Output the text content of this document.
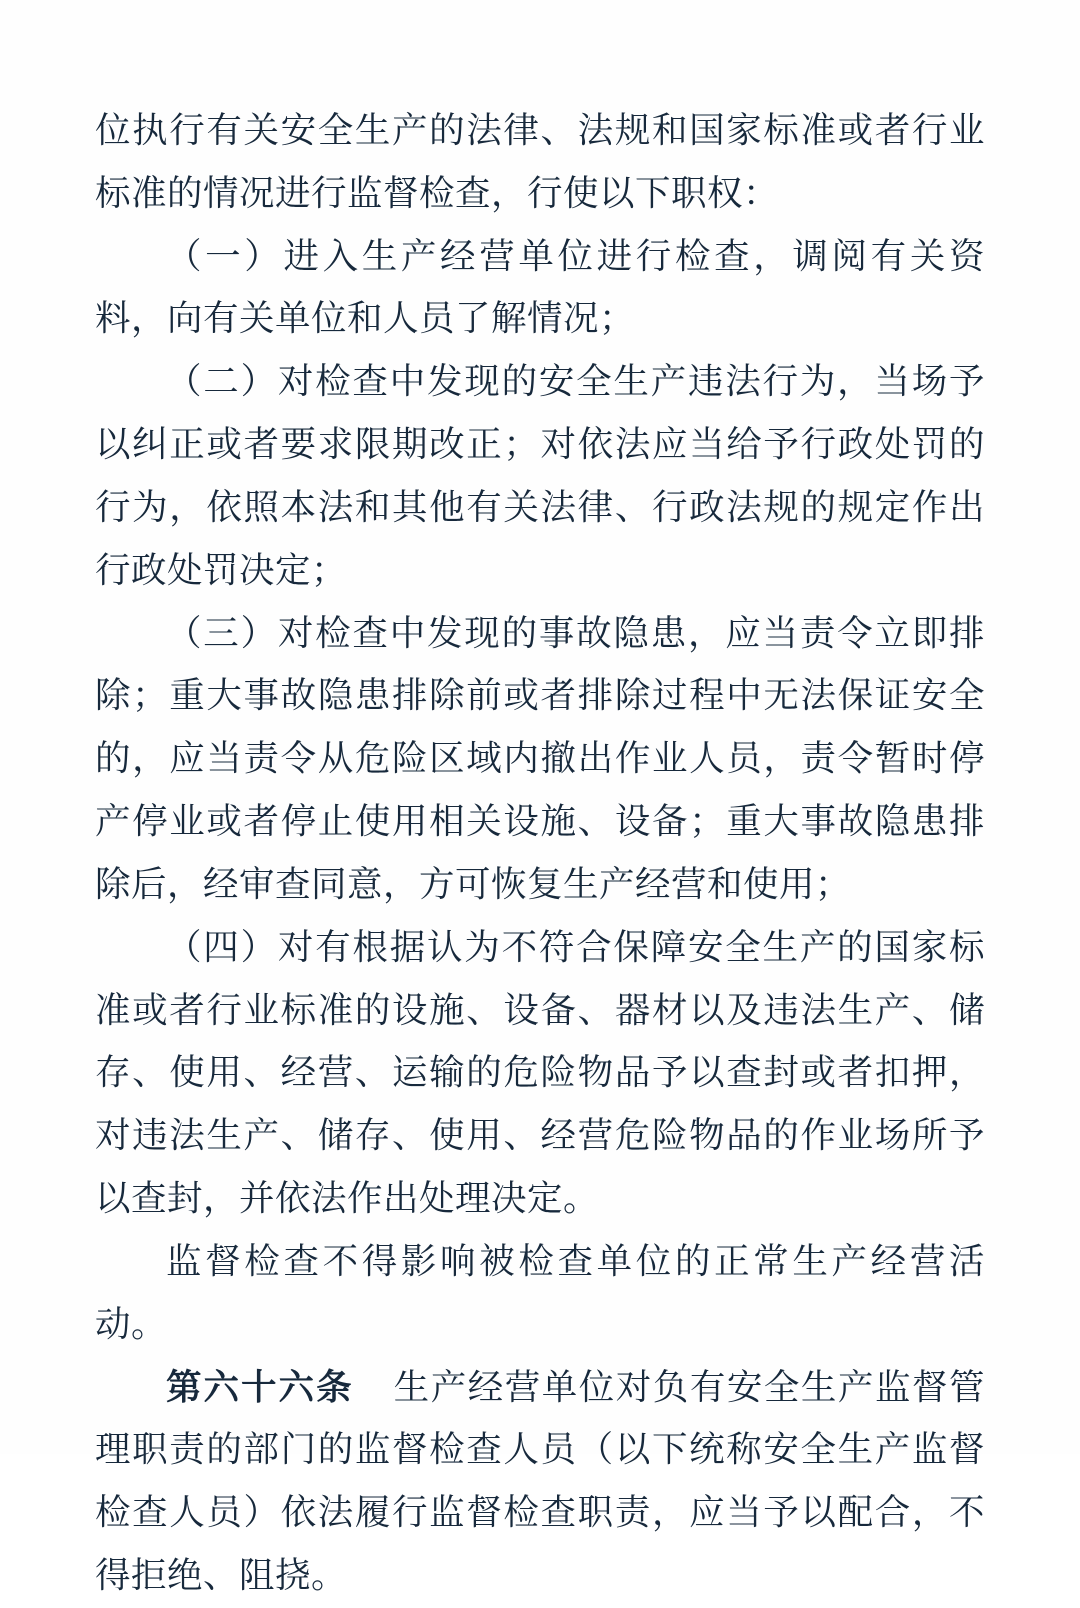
位执行有关安全生产的法律、法规和国家标准或者行业标准的情况进行监督检查，行使以下职权：

（一）进入生产经营单位进行检查，调阅有关资料，向有关单位和人员了解情况；

（二）对检查中发现的安全生产违法行为，当场予以纠正或者要求限期改正；对依法应当给予行政处罚的行为，依照本法和其他有关法律、行政法规的规定作出行政处罚决定；

（三）对检查中发现的事故隐患，应当责令立即排除；重大事故隐患排除前或者排除过程中无法保证安全的，应当责令从危险区域内撤出作业人员，责令暂时停产停业或者停止使用相关设施、设备；重大事故隐患排除后，经审查同意，方可恢复生产经营和使用；

（四）对有根据认为不符合保障安全生产的国家标准或者行业标准的设施、设备、器材以及违法生产、储存、使用、经营、运输的危险物品予以查封或者扣押，对违法生产、储存、使用、经营危险物品的作业场所予以查封，并依法作出处理决定。

监督检查不得影响被检查单位的正常生产经营活动。

第六十六条 生产经营单位对负有安全生产监督管理职责的部门的监督检查人员（以下统称安全生产监督检查人员）依法履行监督检查职责，应当予以配合，不得拒绝、阻挠。
